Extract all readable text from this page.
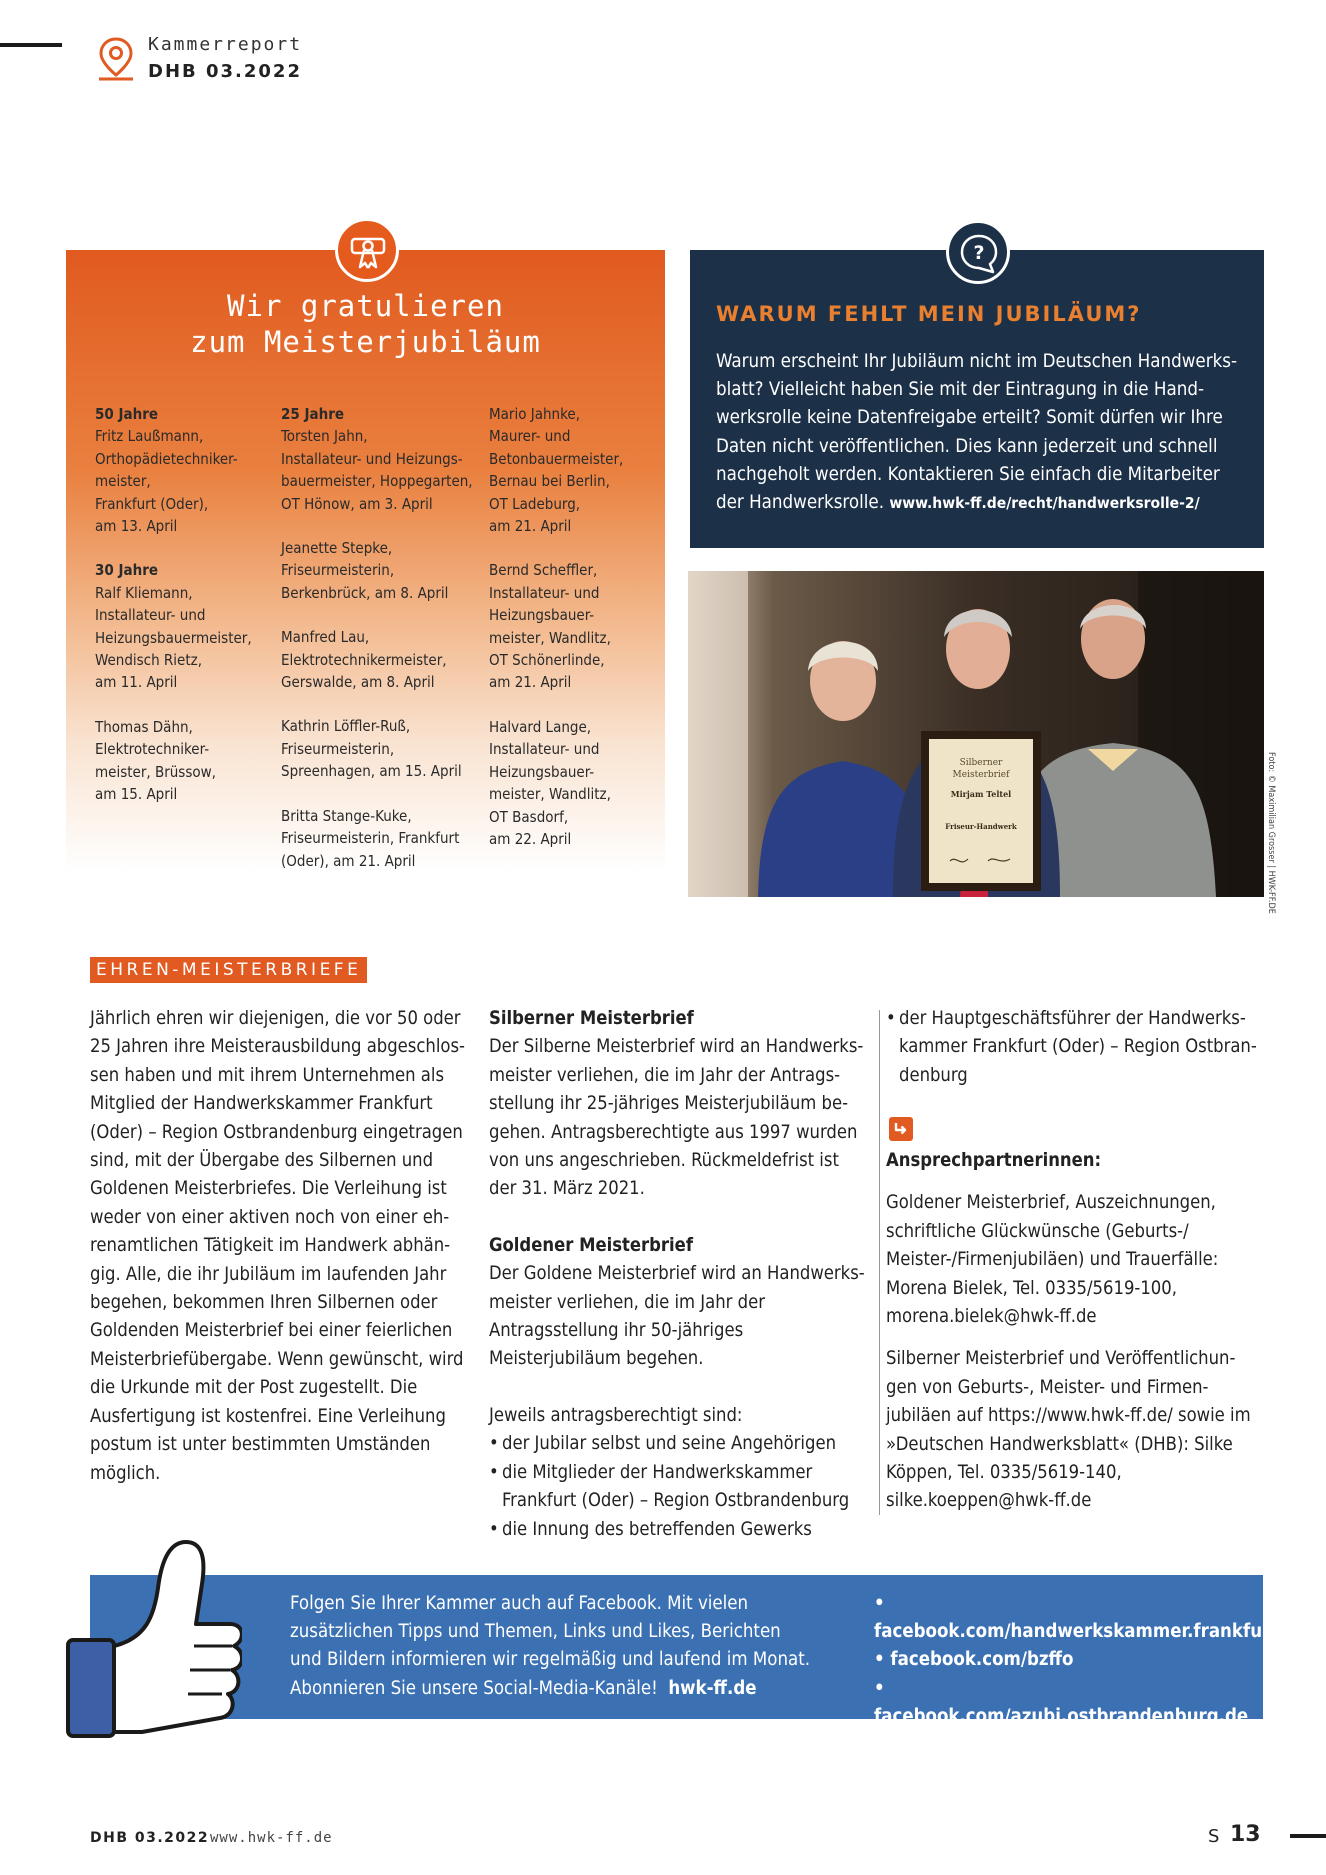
Kammerreport
DHB 03.2022
Wir gratulieren
zum Meisterjubiläum
50 Jahre
Fritz Laußmann,
Orthopädietechniker-
meister,
Frankfurt (Oder),
am 13. April
30 Jahre
Ralf Kliemann,
Installateur- und
Heizungsbauermeister,
Wendisch Rietz,
am 11. April
Thomas Dähn,
Elektrotechniker-
meister, Brüssow,
am 15. April
25 Jahre
Torsten Jahn,
Installateur- und Heizungs-
bauermeister, Hoppegarten,
OT Hönow, am 3. April
Jeanette Stepke,
Friseurmeisterin,
Berkenbrück, am 8. April
Manfred Lau,
Elektrotechnikermeister,
Gerswalde, am 8. April
Kathrin Löffler-Ruß,
Friseurmeisterin,
Spreenhagen, am 15. April
Britta Stange-Kuke,
Friseurmeisterin, Frankfurt
(Oder), am 21. April
Mario Jahnke,
Maurer- und
Betonbauermeister,
Bernau bei Berlin,
OT Ladeburg,
am 21. April
Bernd Scheffler,
Installateur- und
Heizungsbauer-
meister, Wandlitz,
OT Schönerlinde,
am 21. April
Halvard Lange,
Installateur- und
Heizungsbauer-
meister, Wandlitz,
OT Basdorf,
am 22. April
?
WARUM FEHLT MEIN JUBILÄUM?
Warum erscheint Ihr Jubiläum nicht im Deutschen Handwerksblatt? Vielleicht haben Sie mit der Eintragung in die Handwerksrolle keine Datenfreigabe erteilt? Somit dürfen wir Ihre Daten nicht veröffentlichen. Dies kann jederzeit und schnell nachgeholt werden. Kontaktieren Sie einfach die Mitarbeiter der Handwerksrolle. www.hwk-ff.de/recht/handwerksrolle-2/
Silberner
Meisterbrief
Mirjam Teltel
Friseur-Handwerk	Foto: © Maximilian Grosser | HWK-FF.DE
EHREN-MEISTERBRIEFE

Jährlich ehren wir diejenigen, die vor 50 oder 25 Jahren ihre Meisterausbildung abgeschlossen haben und mit ihrem Unternehmen als Mitglied der Handwerkskammer Frankfurt (Oder) – Region Ostbrandenburg eingetragen sind, mit der Übergabe des Silbernen und Goldenen Meisterbriefes. Die Verleihung ist weder von einer aktiven noch von einer ehrenamtlichen Tätigkeit im Handwerk abhängig. Alle, die ihr Jubiläum im laufenden Jahr begehen, bekommen Ihren Silbernen oder Goldenden Meisterbrief bei einer feierlichen Meisterbriefübergabe. Wenn gewünscht, wird die Urkunde mit der Post zugestellt. Die Ausfertigung ist kostenfrei. Eine Verleihung postum ist unter bestimmten Umständen möglich.

Silberner Meisterbrief

Der Silberne Meisterbrief wird an Handwerksmeister verliehen, die im Jahr der Antragsstellung ihr 25-jähriges Meisterjubiläum begehen. Antragsberechtigte aus 1997 wurden von uns angeschrieben. Rückmeldefrist ist der 31. März 2021.

Goldener Meisterbrief

Der Goldene Meisterbrief wird an Handwerksmeister verliehen, die im Jahr der Antragsstellung ihr 50-jähriges Meisterjubiläum begehen.

Jeweils antragsberechtigt sind:

• der Jubilar selbst und seine Angehörigen
• die Mitglieder der Handwerkskammer Frankfurt (Oder) – Region Ostbrandenburg
• die Innung des betreffenden Gewerks
• der Hauptgeschäftsführer der Handwerkskammer Frankfurt (Oder) – Region Ostbrandenburg
Ansprechpartnerinnen:

Goldener Meisterbrief, Auszeichnungen, schriftliche Glückwünsche (Geburts-/ Meister-/Firmenjubiläen) und Trauerfälle: Morena Bielek, Tel. 0335/5619-100, morena.bielek@hwk-ff.de

Silberner Meisterbrief und Veröffentlichungen von Geburts-, Meister- und Firmenjubiläen auf https://www.hwk-ff.de/ sowie im »Deutschen Handwerksblatt« (DHB): Silke Köppen, Tel. 0335/5619-140, silke.koeppen@hwk-ff.de

Folgen Sie Ihrer Kammer auch auf Facebook. Mit vielen zusätzlichen Tipps und Themen, Links und Likes, Berichten und Bildern informieren wir regelmäßig und laufend im Monat. Abonnieren Sie unsere Social-Media-Kanäle! hwk-ff.de
• facebook.com/handwerkskammer.frankfurt
• facebook.com/bzffo
• facebook.com/azubi.ostbrandenburg.de
DHB 03.2022 www.hwk-ff.de	S 13
